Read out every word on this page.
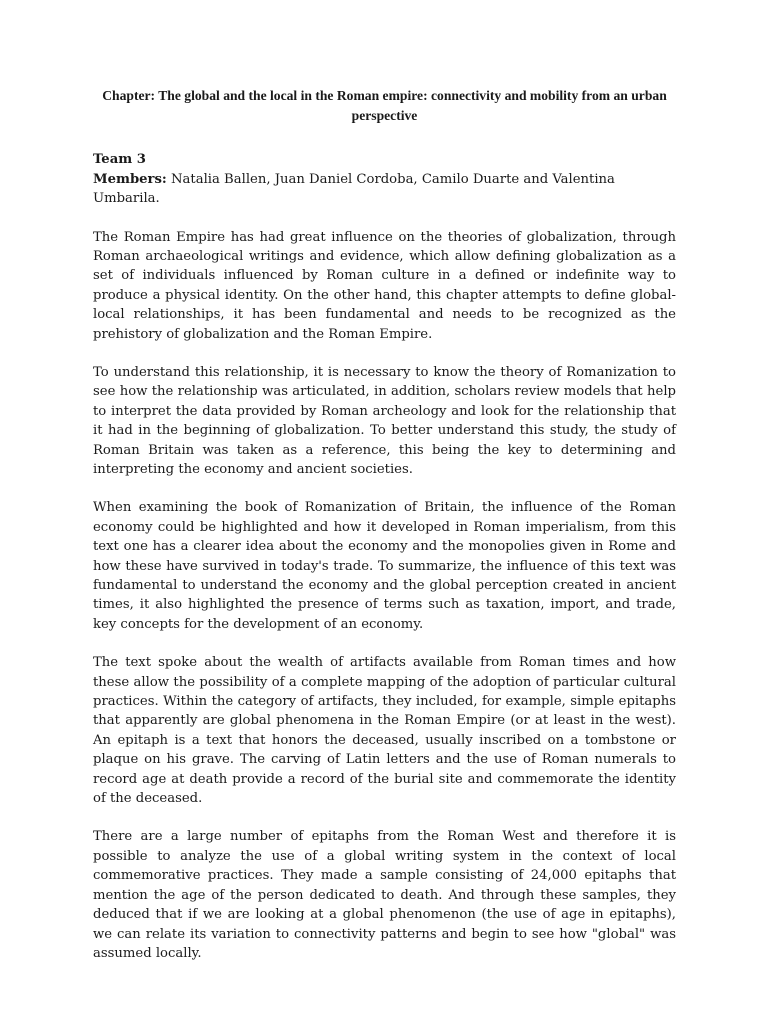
Chapter: The global and the local in the Roman empire: connectivity and mobility from an urban perspective

Team 3

Members: Natalia Ballen, Juan Daniel Cordoba, Camilo Duarte and Valentina Umbarila.

The Roman Empire has had great influence on the theories of globalization, through Roman archaeological writings and evidence, which allow defining globalization as a set of individuals influenced by Roman culture in a defined or indefinite way to produce a physical identity. On the other hand, this chapter attempts to define global-local relationships, it has been fundamental and needs to be recognized as the prehistory of globalization and the Roman Empire.

To understand this relationship, it is necessary to know the theory of Romanization to see how the relationship was articulated, in addition, scholars review models that help to interpret the data provided by Roman archeology and look for the relationship that it had in the beginning of globalization. To better understand this study, the study of Roman Britain was taken as a reference, this being the key to determining and interpreting the economy and ancient societies.

When examining the book of Romanization of Britain, the influence of the Roman economy could be highlighted and how it developed in Roman imperialism, from this text one has a clearer idea about the economy and the monopolies given in Rome and how these have survived in today's trade. To summarize, the influence of this text was fundamental to understand the economy and the global perception created in ancient times, it also highlighted the presence of terms such as taxation, import, and trade, key concepts for the development of an economy.

The text spoke about the wealth of artifacts available from Roman times and how these allow the possibility of a complete mapping of the adoption of particular cultural practices. Within the category of artifacts, they included, for example, simple epitaphs that apparently are global phenomena in the Roman Empire (or at least in the west). An epitaph is a text that honors the deceased, usually inscribed on a tombstone or plaque on his grave. The carving of Latin letters and the use of Roman numerals to record age at death provide a record of the burial site and commemorate the identity of the deceased.

There are a large number of epitaphs from the Roman West and therefore it is possible to analyze the use of a global writing system in the context of local commemorative practices. They made a sample consisting of 24,000 epitaphs that mention the age of the person dedicated to death. And through these samples, they deduced that if we are looking at a global phenomenon (the use of age in epitaphs), we can relate its variation to connectivity patterns and begin to see how "global" was assumed locally.
